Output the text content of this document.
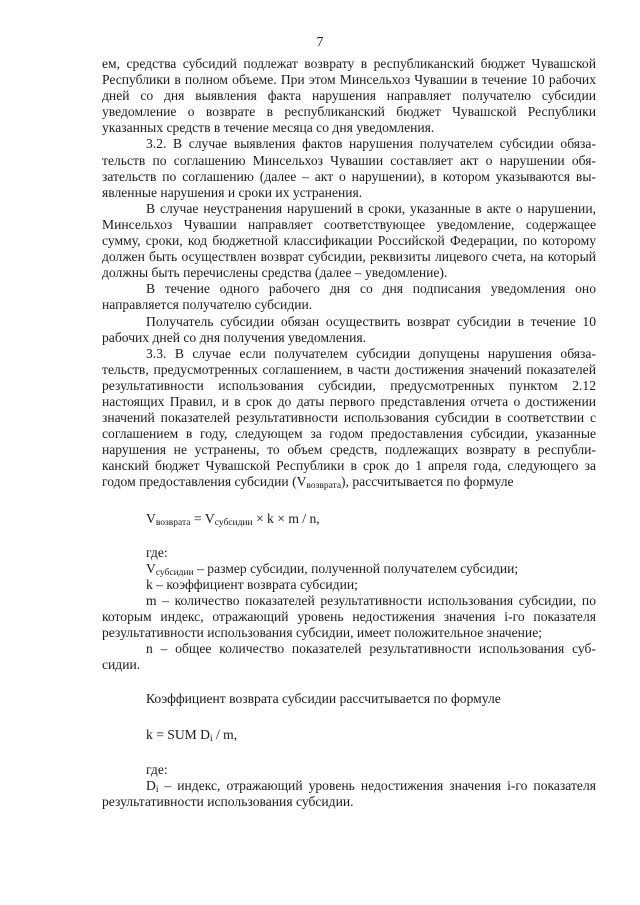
7

ем, средства субсидий подлежат возврату в республиканский бюджет Чувашской Республики в полном объеме. При этом Минсельхоз Чувашии в течение 10 рабочих дней со дня выявления факта нарушения направляет получателю субсидии уведомление о возврате в республиканский бюджет Чувашской Республики указанных средств в течение месяца со дня уведомления.

3.2. В случае выявления фактов нарушения получателем субсидии обязательств по соглашению Минсельхоз Чувашии составляет акт о нарушении обязательств по соглашению (далее – акт о нарушении), в котором указываются выявленные нарушения и сроки их устранения.

В случае неустранения нарушений в сроки, указанные в акте о нарушении, Минсельхоз Чувашии направляет соответствующее уведомление, содержащее сумму, сроки, код бюджетной классификации Российской Федерации, по которому должен быть осуществлен возврат субсидии, реквизиты лицевого счета, на который должны быть перечислены средства (далее – уведомление).

В течение одного рабочего дня со дня подписания уведомления оно направляется получателю субсидии.

Получатель субсидии обязан осуществить возврат субсидии в течение 10 рабочих дней со дня получения уведомления.

3.3. В случае если получателем субсидии допущены нарушения обязательств, предусмотренных соглашением, в части достижения значений показателей результативности использования субсидии, предусмотренных пунктом 2.12 настоящих Правил, и в срок до даты первого представления отчета о достижении значений показателей результативности использования субсидии в соответствии с соглашением в году, следующем за годом предоставления субсидии, указанные нарушения не устранены, то объем средств, подлежащих возврату в республиканский бюджет Чувашской Республики в срок до 1 апреля года, следующего за годом предоставления субсидии $(V_{возврата})$, рассчитывается по формуле

$V_{возврата} = V_{субсидии} \times k \times m / n$,

где:

$V_{субсидии}$ – размер субсидии, полученной получателем субсидии;

k – коэффициент возврата субсидии;

m – количество показателей результативности использования субсидии, по которым индекс, отражающий уровень недостижения значения i-го показателя результативности использования субсидии, имеет положительное значение;

n – общее количество показателей результативности использования субсидии.

Коэффициент возврата субсидии рассчитывается по формуле

k = SUM $D_i$ / m,

где:

$D_i$ – индекс, отражающий уровень недостижения значения i-го показателя результативности использования субсидии.
